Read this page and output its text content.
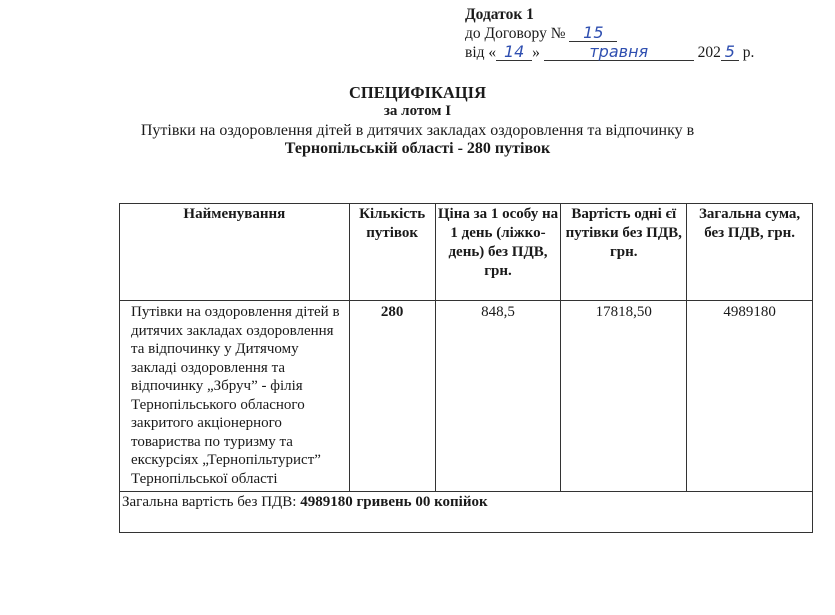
Додаток 1
до Договору № 15
від « 14 »	травня	202 5 р.
СПЕЦИФІКАЦІЯ
за лотом І
Путівки на оздоровлення дітей в дитячих закладах оздоровлення та відпочинку в
Тернопільській області - 280 путівок
Найменування	Кількість путівок	Ціна за 1 особу на 1 день (ліжко-день) без ПДВ, грн.	Вартість одні єї путівки без ПДВ, грн.	Загальна сума, без ПДВ, грн.
Путівки на оздоровлення дітей в дитячих закладах оздоровлення та відпочинку у Дитячому закладі оздоровлення та відпочинку „Збруч” - філія Тернопільського обласного закритого акціонерного товариства по туризму та екскурсіях „Тернопільтурист” Тернопільської області	280	848,5	17818,50	4989180
Загальна вартість без ПДВ: 4989180 гривень 00 копійок				
